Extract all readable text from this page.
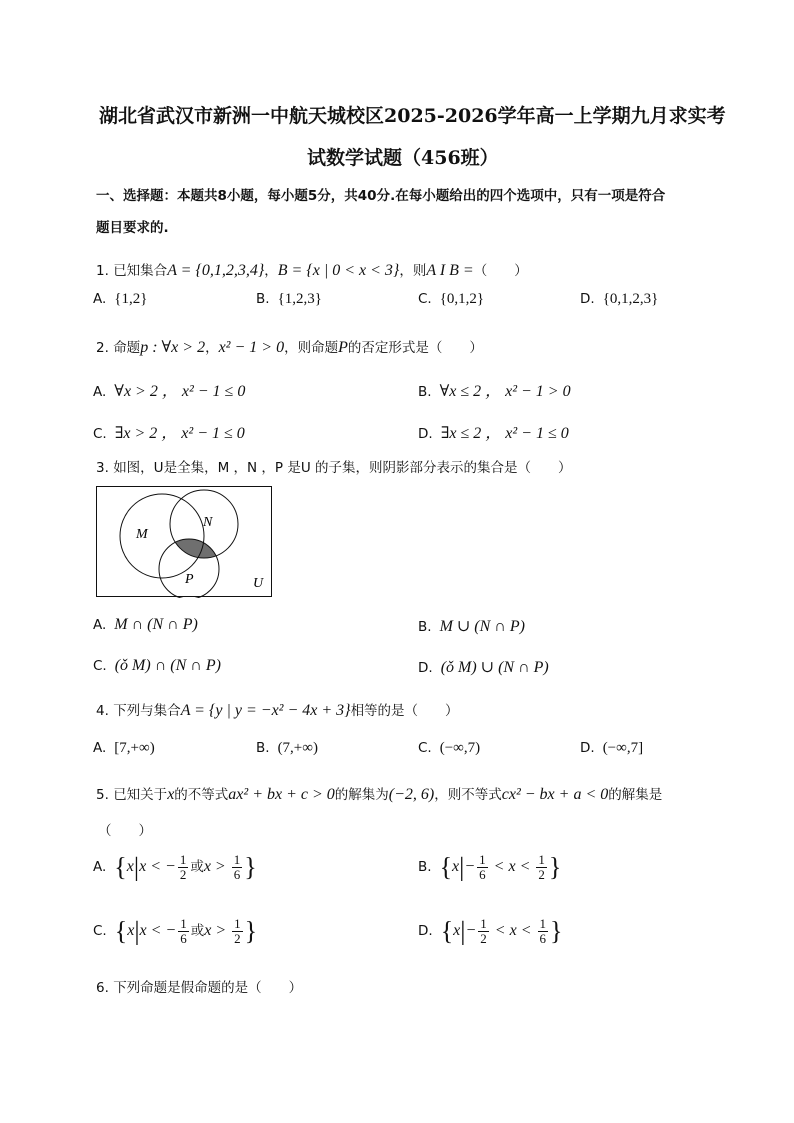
湖北省武汉市新洲一中航天城校区2025-2026学年高一上学期九月求实考
试数学试题（456班）
一、选择题：本题共8小题，每小题5分，共40分.在每小题给出的四个选项中，只有一项是符合
题目要求的.
1. 已知集合A = {0,1,2,3,4}，B = {x | 0 < x < 3}，则A I B =（　　）
A. {1,2}	B. {1,2,3}	C. {0,1,2}	D. {0,1,2,3}
2. 命题p : ∀x > 2，x² − 1 > 0，则命题P的否定形式是（　　）
A. ∀x > 2 ， x² − 1 ≤ 0	B. ∀x ≤ 2 ， x² − 1 > 0
C. ∃x > 2 ， x² − 1 ≤ 0	D. ∃x ≤ 2 ， x² − 1 ≤ 0
3. 如图，U是全集，M ，N ，P 是U 的子集，则阴影部分表示的集合是（　　）
M
N
P	U
A. M ∩ (N ∩ P)	B. M ∪ (N ∩ P)
C. (ǒ M) ∩ (N ∩ P)	D. (ǒ M) ∪ (N ∩ P)
4. 下列与集合A = {y | y = −x² − 4x + 3}相等的是（　　）
A. [7,+∞)	B. (7,+∞)	C. (−∞,7)	D. (−∞,7]
5. 已知关于x的不等式ax² + bx + c > 0的解集为(−2, 6)，则不等式cx² − bx + a < 0的解集是
（　　）
A. {x|x < − $\frac{1}{2}$ 或$x > \frac{1}{6}$ }	B. {$x|- \frac{1}{6} < x < \frac{1}{2}$ }
C. {x|x < − $\frac{1}{6}$ 或$x > \frac{1}{2}$ }	D. {$x|- \frac{1}{2} < x < \frac{1}{6}$ }
6. 下列命题是假命题的是（　　）
